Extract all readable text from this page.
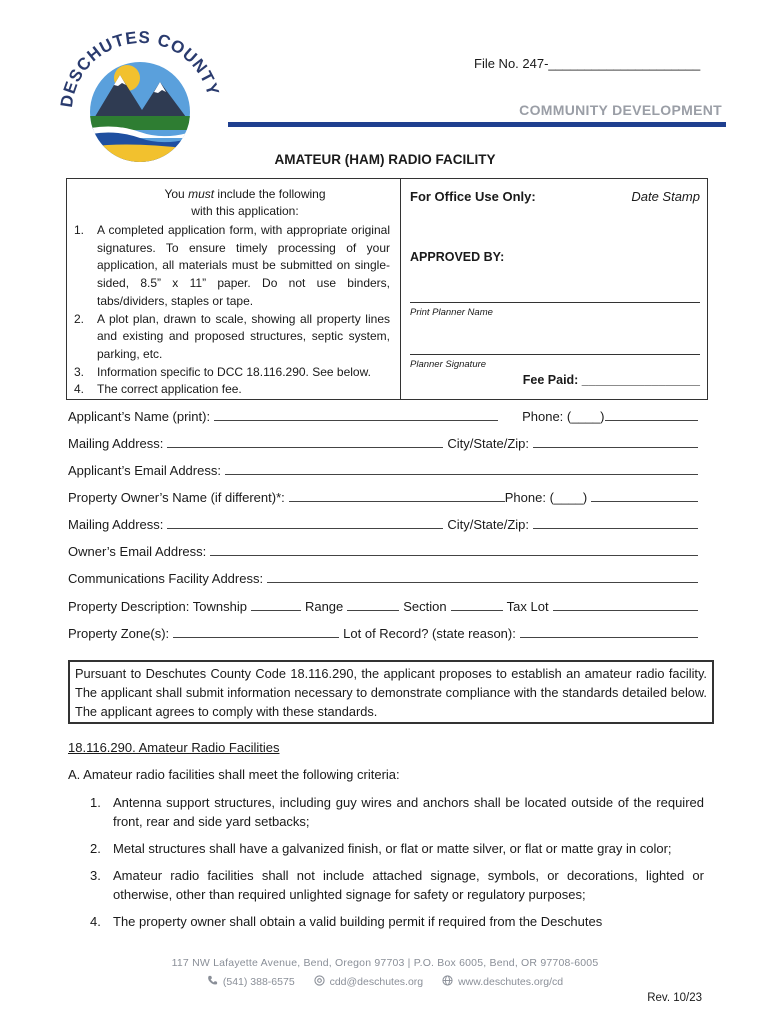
DESCHUTES COUNTY
File No. 247-_____________________
COMMUNITY DEVELOPMENT
AMATEUR (HAM) RADIO FACILITY
You must include the following
with this application:
1. A completed application form, with appropriate original signatures. To ensure timely processing of your application, all materials must be submitted on single-sided, 8.5” x 11” paper. Do not use binders, tabs/dividers, staples or tape.
2. A plot plan, drawn to scale, showing all property lines and existing and proposed structures, septic system, parking, etc.
3. Information specific to DCC 18.116.290. See below.
4. The correct application fee.
For Office Use Only:	Date Stamp
APPROVED BY:
Print Planner Name
Planner Signature
Fee Paid: _________________
Applicant’s Name (print):	Phone: (____)
Mailing Address:	City/State/Zip:
Applicant’s Email Address:
Property Owner’s Name (if different)*:	Phone: (____)
Mailing Address:	City/State/Zip:
Owner’s Email Address:
Communications Facility Address:
Property Description: Township	Range	Section	Tax Lot
Property Zone(s):	Lot of Record? (state reason):
Pursuant to Deschutes County Code 18.116.290, the applicant proposes to establish an amateur radio facility. The applicant shall submit information necessary to demonstrate compliance with the standards detailed below. The applicant agrees to comply with these standards.
18.116.290. Amateur Radio Facilities
A. Amateur radio facilities shall meet the following criteria:
1. Antenna support structures, including guy wires and anchors shall be located outside of the required front, rear and side yard setbacks;
2. Metal structures shall have a galvanized finish, or flat or matte silver, or flat or matte gray in color;
3. Amateur radio facilities shall not include attached signage, symbols, or decorations, lighted or otherwise, other than required unlighted signage for safety or regulatory purposes;
4. The property owner shall obtain a valid building permit if required from the Deschutes
117 NW Lafayette Avenue, Bend, Oregon 97703 | P.O. Box 6005, Bend, OR 97708-6005
(541) 388-6575	cdd@deschutes.org	www.deschutes.org/cd
Rev. 10/23
